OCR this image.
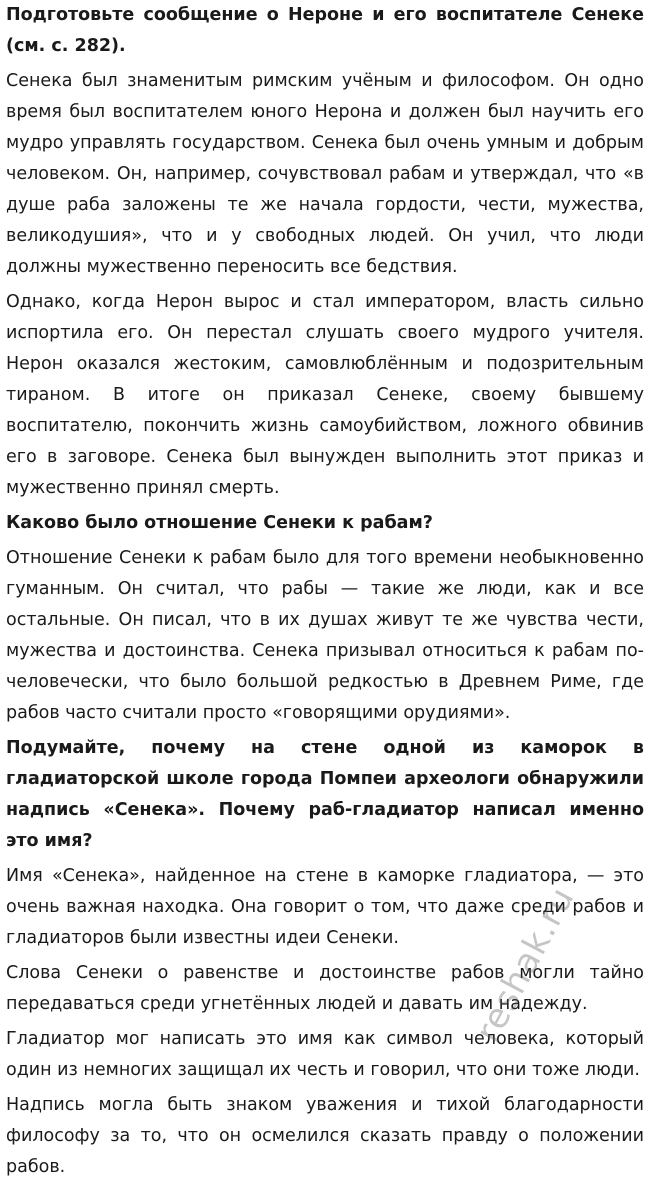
Подготовьте сообщение о Нероне и его воспитателе Сенеке (см. с. 282).

Сенека был знаменитым римским учёным и философом. Он одно время был воспитателем юного Нерона и должен был научить его мудро управлять государством. Сенека был очень умным и добрым человеком. Он, например, сочувствовал рабам и утверждал, что «в душе раба заложены те же начала гордости, чести, мужества, великодушия», что и у свободных людей. Он учил, что люди должны мужественно переносить все бедствия.

Однако, когда Нерон вырос и стал императором, власть сильно испортила его. Он перестал слушать своего мудрого учителя. Нерон оказался жестоким, самовлюблённым и подозрительным тираном. В итоге он приказал Сенеке, своему бывшему воспитателю, покончить жизнь самоубийством, ложного обвинив его в заговоре. Сенека был вынужден выполнить этот приказ и мужественно принял смерть.

Каково было отношение Сенеки к рабам?

Отношение Сенеки к рабам было для того времени необыкновенно гуманным. Он считал, что рабы — такие же люди, как и все остальные. Он писал, что в их душах живут те же чувства чести, мужества и достоинства. Сенека призывал относиться к рабам по-человечески, что было большой редкостью в Древнем Риме, где рабов часто считали просто «говорящими орудиями».

Подумайте, почему на стене одной из каморок в гладиаторской школе города Помпеи археологи обнаружили надпись «Сенека». Почему раб-гладиатор написал именно это имя?

Имя «Сенека», найденное на стене в каморке гладиатора, — это очень важная находка. Она говорит о том, что даже среди рабов и гладиаторов были известны идеи Сенеки.

Слова Сенеки о равенстве и достоинстве рабов могли тайно передаваться среди угнетённых людей и давать им надежду.

Гладиатор мог написать это имя как символ человека, который один из немногих защищал их честь и говорил, что они тоже люди.

Надпись могла быть знаком уважения и тихой благодарности философу за то, что он осмелился сказать правду о положении рабов.

reshak.ru
